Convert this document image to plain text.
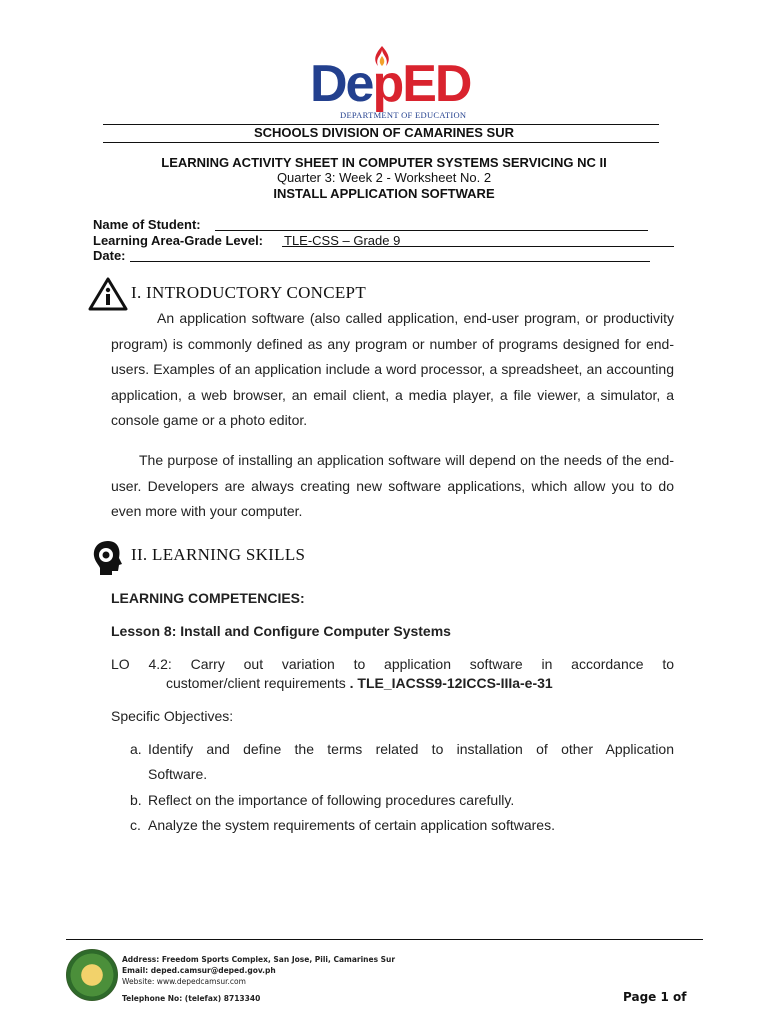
DepED
DEPARTMENT OF EDUCATION
SCHOOLS DIVISION OF CAMARINES SUR
LEARNING ACTIVITY SHEET IN COMPUTER SYSTEMS SERVICING NC II
Quarter 3: Week 2 - Worksheet No. 2
INSTALL APPLICATION SOFTWARE
Name of Student:
Learning Area-Grade Level: TLE-CSS – Grade 9
Date:
I. INTRODUCTORY CONCEPT
An application software (also called application, end-user program, or productivity program) is commonly defined as any program or number of programs designed for end-users. Examples of an application include a word processor, a spreadsheet, an accounting application, a web browser, an email client, a media player, a file viewer, a simulator, a console game or a photo editor.
The purpose of installing an application software will depend on the needs of the end-user. Developers are always creating new software applications, which allow you to do even more with your computer.
II. LEARNING SKILLS
LEARNING COMPETENCIES:
Lesson 8: Install and Configure Computer Systems
LO 4.2: Carry out variation to application software in accordance to
customer/client requirements . TLE_IACSS9-12ICCS-IIIa-e-31
Specific Objectives:
a. Identify and define the terms related to installation of other Application
Software.
b. Reflect on the importance of following procedures carefully.
c. Analyze the system requirements of certain application softwares.
Address: Freedom Sports Complex, San Jose, Pili, Camarines Sur
Email: deped.camsur@deped.gov.ph
Website: www.depedcamsur.com
Telephone No: (telefax) 8713340	Page 1 of
